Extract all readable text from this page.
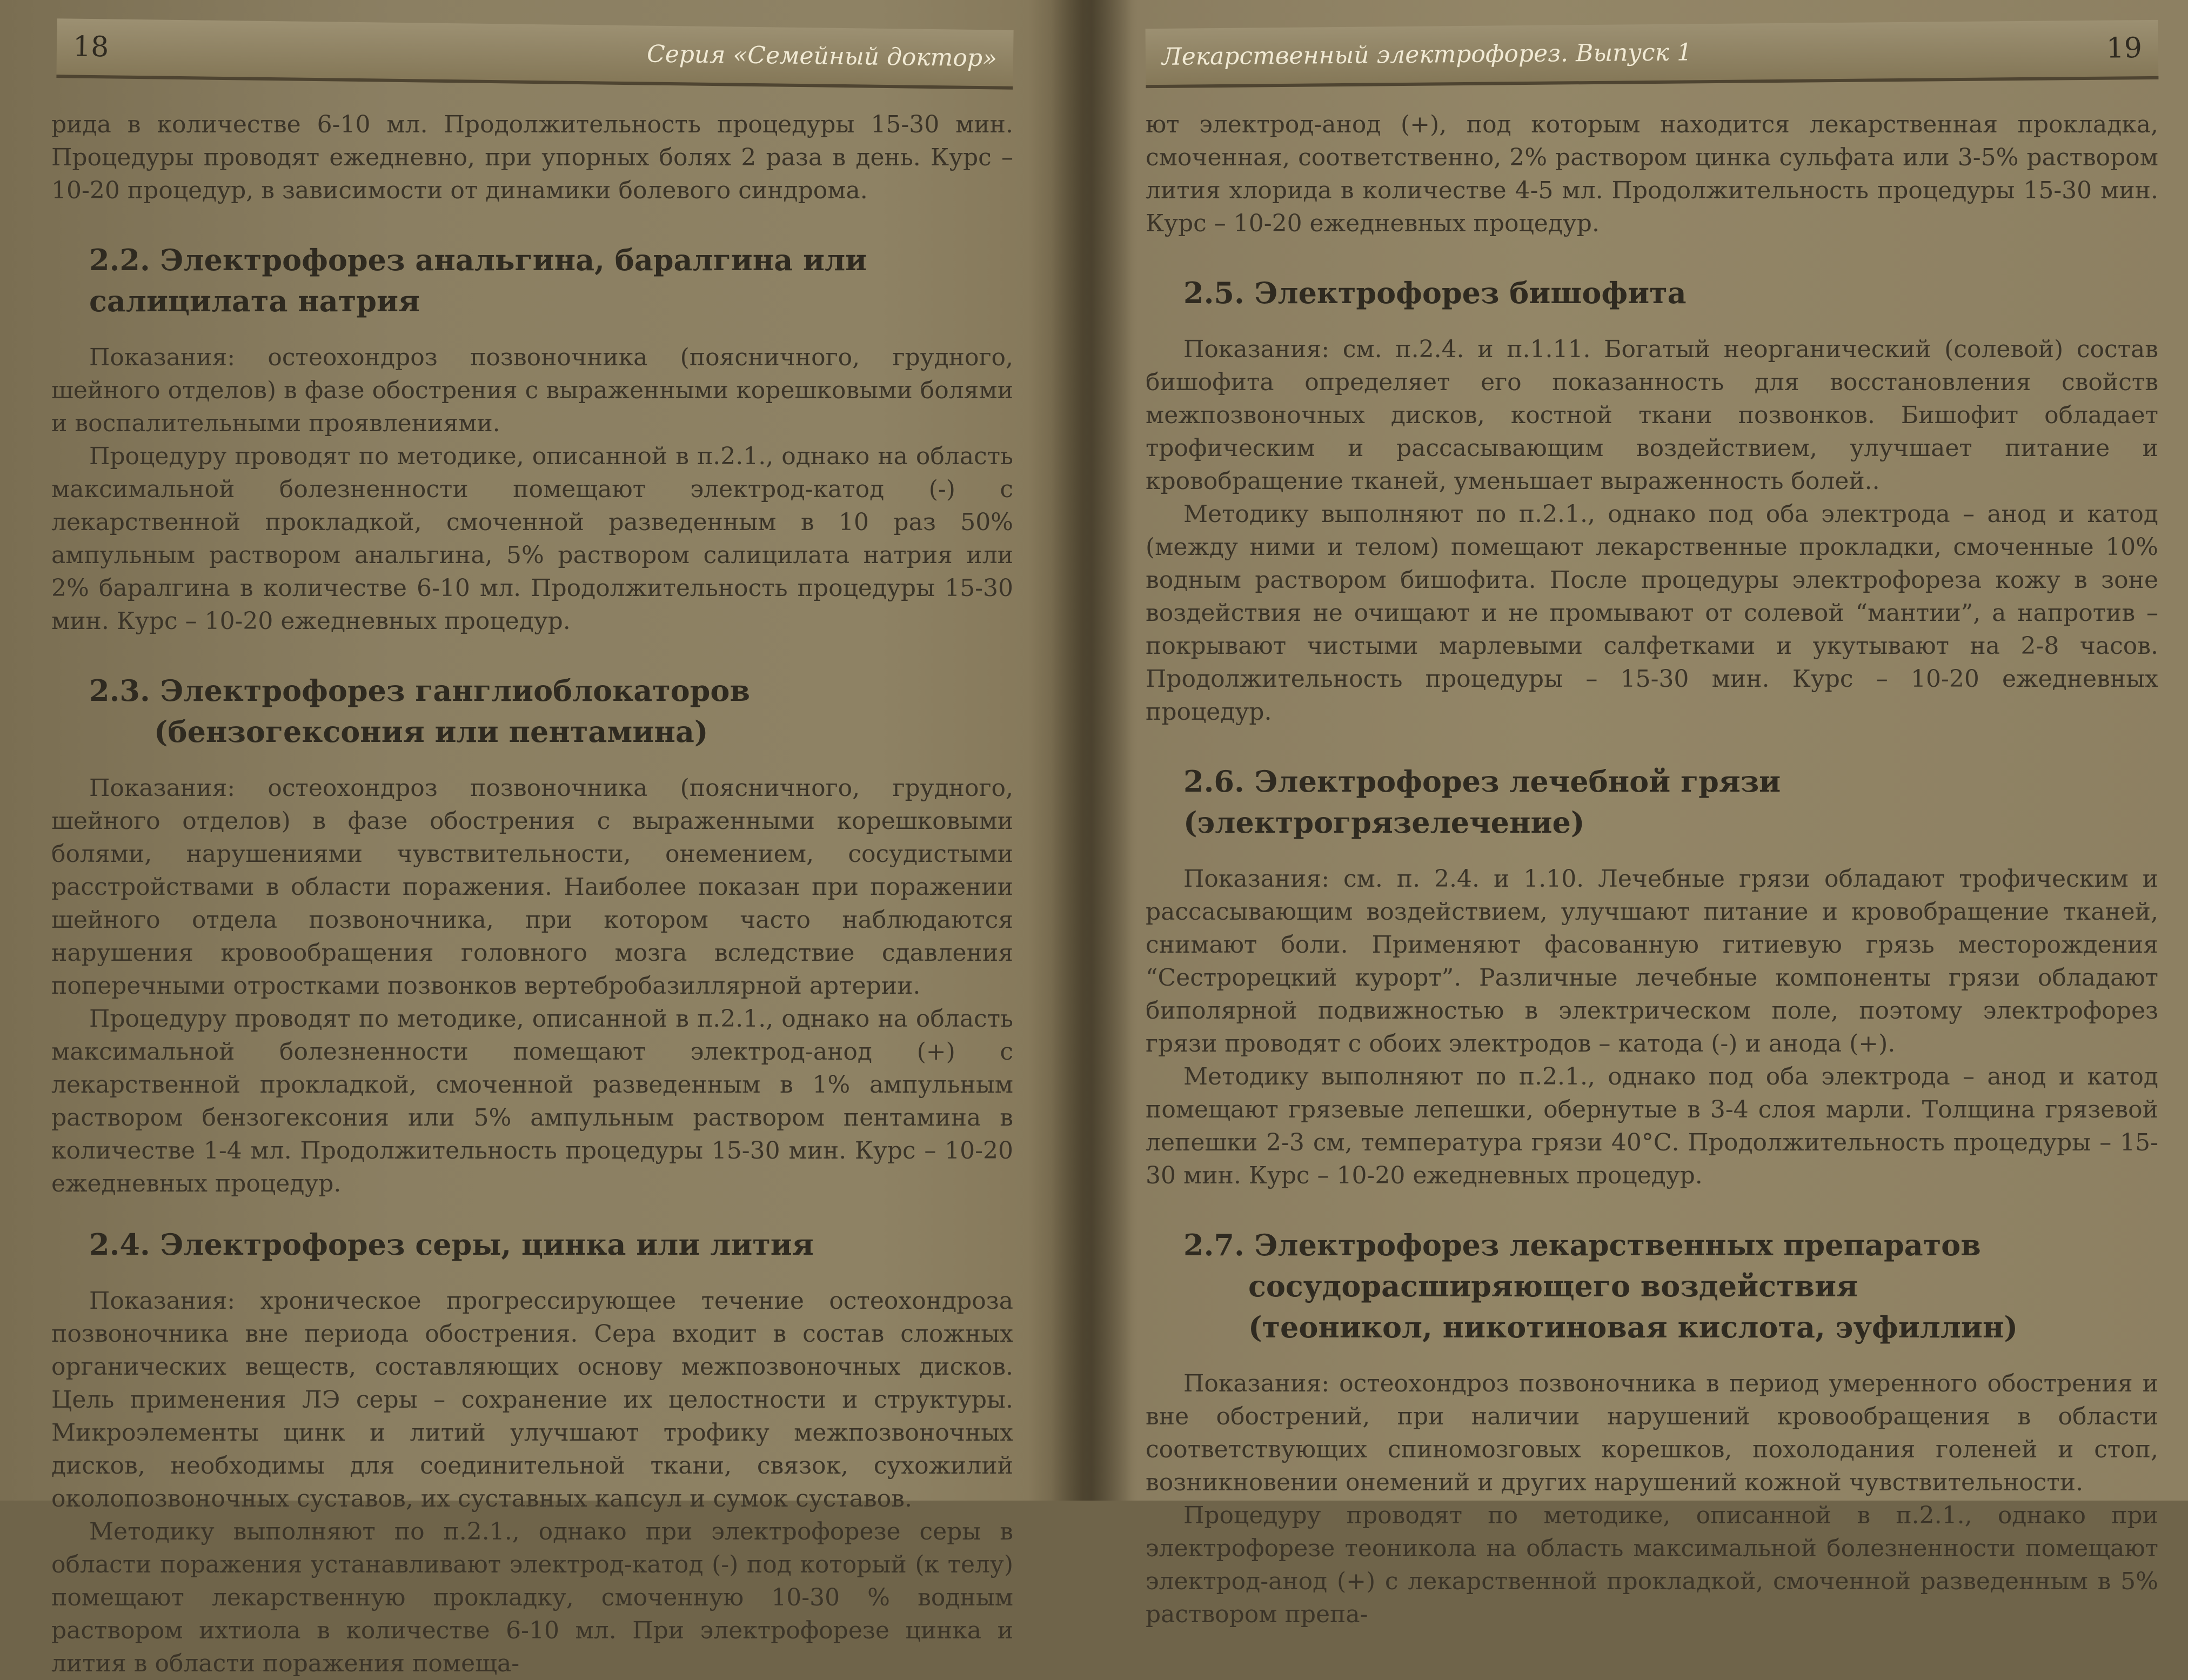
18	Серия «Семейный доктор»

рида в количестве 6-10 мл. Продолжительность процедуры 15-30 мин. Процедуры проводят ежедневно, при упорных болях 2 раза в день. Курс – 10-20 процедур, в зависимости от динамики болевого синдрома.

2.2. Электрофорез анальгина, баралгина или салицилата натрия

Показания: остеохондроз позвоночника (поясничного, грудного, шейного отделов) в фазе обострения с выраженными корешковыми болями и воспалительными проявлениями.

Процедуру проводят по методике, описанной в п.2.1., однако на область максимальной болезненности помещают электрод-катод (-) с лекарственной прокладкой, смоченной разведенным в 10 раз 50% ампульным раствором анальгина, 5% раствором салицилата натрия или 2% баралгина в количестве 6-10 мл. Продолжительность процедуры 15-30 мин. Курс – 10-20 ежедневных процедур.

2.3. Электрофорез ганглиоблокаторов
(бензогексония или пентамина)

Показания: остеохондроз позвоночника (поясничного, грудного, шейного отделов) в фазе обострения с выраженными корешковыми болями, нарушениями чувствительности, онемением, сосудистыми расстройствами в области поражения. Наиболее показан при поражении шейного отдела позвоночника, при котором часто наблюдаются нарушения кровообращения головного мозга вследствие сдавления поперечными отростками позвонков вертебробазиллярной артерии.

Процедуру проводят по методике, описанной в п.2.1., однако на область максимальной болезненности помещают электрод-анод (+) с лекарственной прокладкой, смоченной разведенным в 1% ампульным раствором бензогексония или 5% ампульным раствором пентамина в количестве 1-4 мл. Продолжительность процедуры 15-30 мин. Курс – 10-20 ежедневных процедур.

2.4. Электрофорез серы, цинка или лития

Показания: хроническое прогрессирующее течение остеохондроза позвоночника вне периода обострения. Сера входит в состав сложных органических веществ, составляющих основу межпозвоночных дисков. Цель применения ЛЭ серы – сохранение их целостности и структуры. Микроэлементы цинк и литий улучшают трофику межпозвоночных дисков, необходимы для соединительной ткани, связок, сухожилий околопозвоночных суставов, их суставных капсул и сумок суставов.

Методику выполняют по п.2.1., однако при электрофорезе серы в области поражения устанавливают электрод-катод (-) под который (к телу) помещают лекарственную прокладку, смоченную 10-30 % водным раствором ихтиола в количестве 6-10 мл. При электрофорезе цинка и лития в области поражения помеща-

Лекарственный электрофорез. Выпуск 1	19

ют электрод-анод (+), под которым находится лекарственная прокладка, смоченная, соответственно, 2% раствором цинка сульфата или 3-5% раствором лития хлорида в количестве 4-5 мл. Продолжительность процедуры 15-30 мин. Курс – 10-20 ежедневных процедур.

2.5. Электрофорез бишофита

Показания: см. п.2.4. и п.1.11. Богатый неорганический (солевой) состав бишофита определяет его показанность для восстановления свойств межпозвоночных дисков, костной ткани позвонков. Бишофит обладает трофическим и рассасывающим воздействием, улучшает питание и кровобращение тканей, уменьшает выраженность болей..

Методику выполняют по п.2.1., однако под оба электрода – анод и катод (между ними и телом) помещают лекарственные прокладки, смоченные 10% водным раствором бишофита. После процедуры электрофореза кожу в зоне воздействия не очищают и не промывают от солевой “мантии”, а напротив – покрывают чистыми марлевыми салфетками и укутывают на 2-8 часов. Продолжительность процедуры – 15-30 мин. Курс – 10-20 ежедневных процедур.

2.6. Электрофорез лечебной грязи (электрогрязелечение)

Показания: см. п. 2.4. и 1.10. Лечебные грязи обладают трофическим и рассасывающим воздействием, улучшают питание и кровобращение тканей, снимают боли. Применяют фасованную гитиевую грязь месторождения “Сестрорецкий курорт”. Различные лечебные компоненты грязи обладают биполярной подвижностью в электрическом поле, поэтому электрофорез грязи проводят с обоих электродов – катода (-) и анода (+).

Методику выполняют по п.2.1., однако под оба электрода – анод и катод помещают грязевые лепешки, обернутые в 3-4 слоя марли. Толщина грязевой лепешки 2-3 см, температура грязи 40°С. Продолжительность процедуры – 15-30 мин. Курс – 10-20 ежедневных процедур.

2.7. Электрофорез лекарственных препаратов
сосудорасширяющего воздействия
(теоникол, никотиновая кислота, эуфиллин)

Показания: остеохондроз позвоночника в период умеренного обострения и вне обострений, при наличии нарушений кровообращения в области соответствующих спиномозговых корешков, похолодания голеней и стоп, возникновении онемений и других нарушений кожной чувствительности.

Процедуру проводят по методике, описанной в п.2.1., однако при электрофорезе теоникола на область максимальной болезненности помещают электрод-анод (+) с лекарственной прокладкой, смоченной разведенным в 5% раствором препа-
